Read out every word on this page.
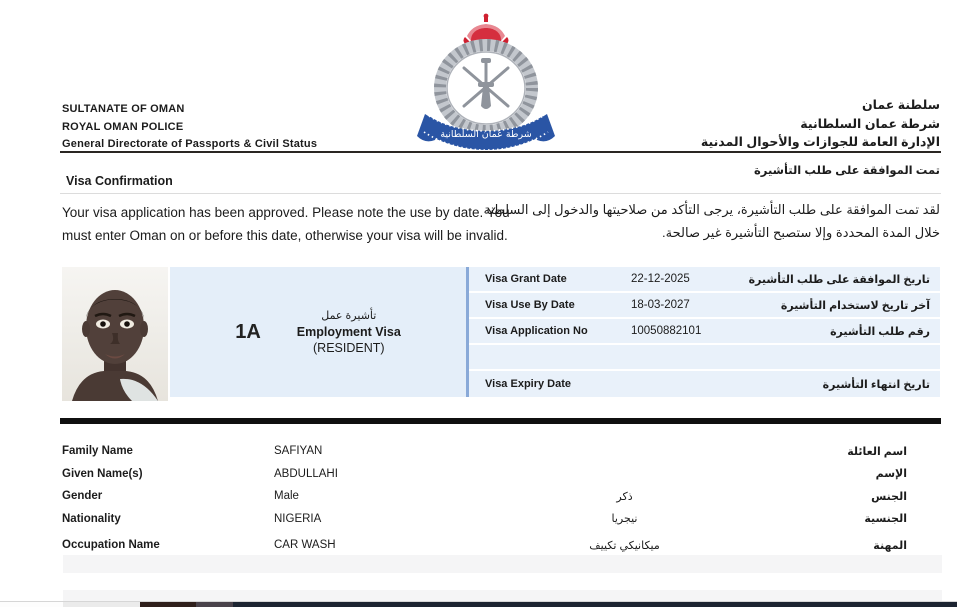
SULTANATE OF OMAN
ROYAL OMAN POLICE
General Directorate of Passports & Civil Status
شرطة عُمان السلطانية
سلطنة عمان
شرطة عمان السلطانية
الإدارة العامة للجوازات والأحوال المدنية
Visa Confirmation
تمت الموافقة على طلب التأشيرة
Your visa application has been approved. Please note the use by date. You must enter Oman on or before this date, otherwise your visa will be invalid.
لقد تمت الموافقة على طلب التأشيرة، يرجى التأكد من صلاحيتها والدخول إلى السلطنة خلال المدة المحددة وإلا ستصبح التأشيرة غير صالحة.
1A
تأشيرة عمل
Employment Visa
(RESIDENT)
Visa Grant Date	22-12-2025	تاريخ الموافقة على طلب التأشيرة
Visa Use By Date	18-03-2027	آخر تاريخ لاستخدام التأشيرة
Visa Application No	10050882101	رقم طلب التأشيرة
Visa Expiry Date	تاريخ انتهاء التأشيرة
Family Name	SAFIYAN	اسم العائلة
Given Name(s)	ABDULLAHI	الإسم
Gender	Male	ذكر	الجنس
Nationality	NIGERIA	نيجريا	الجنسية
Occupation Name	CAR WASH	ميكانيكي تكييف	المهنة
